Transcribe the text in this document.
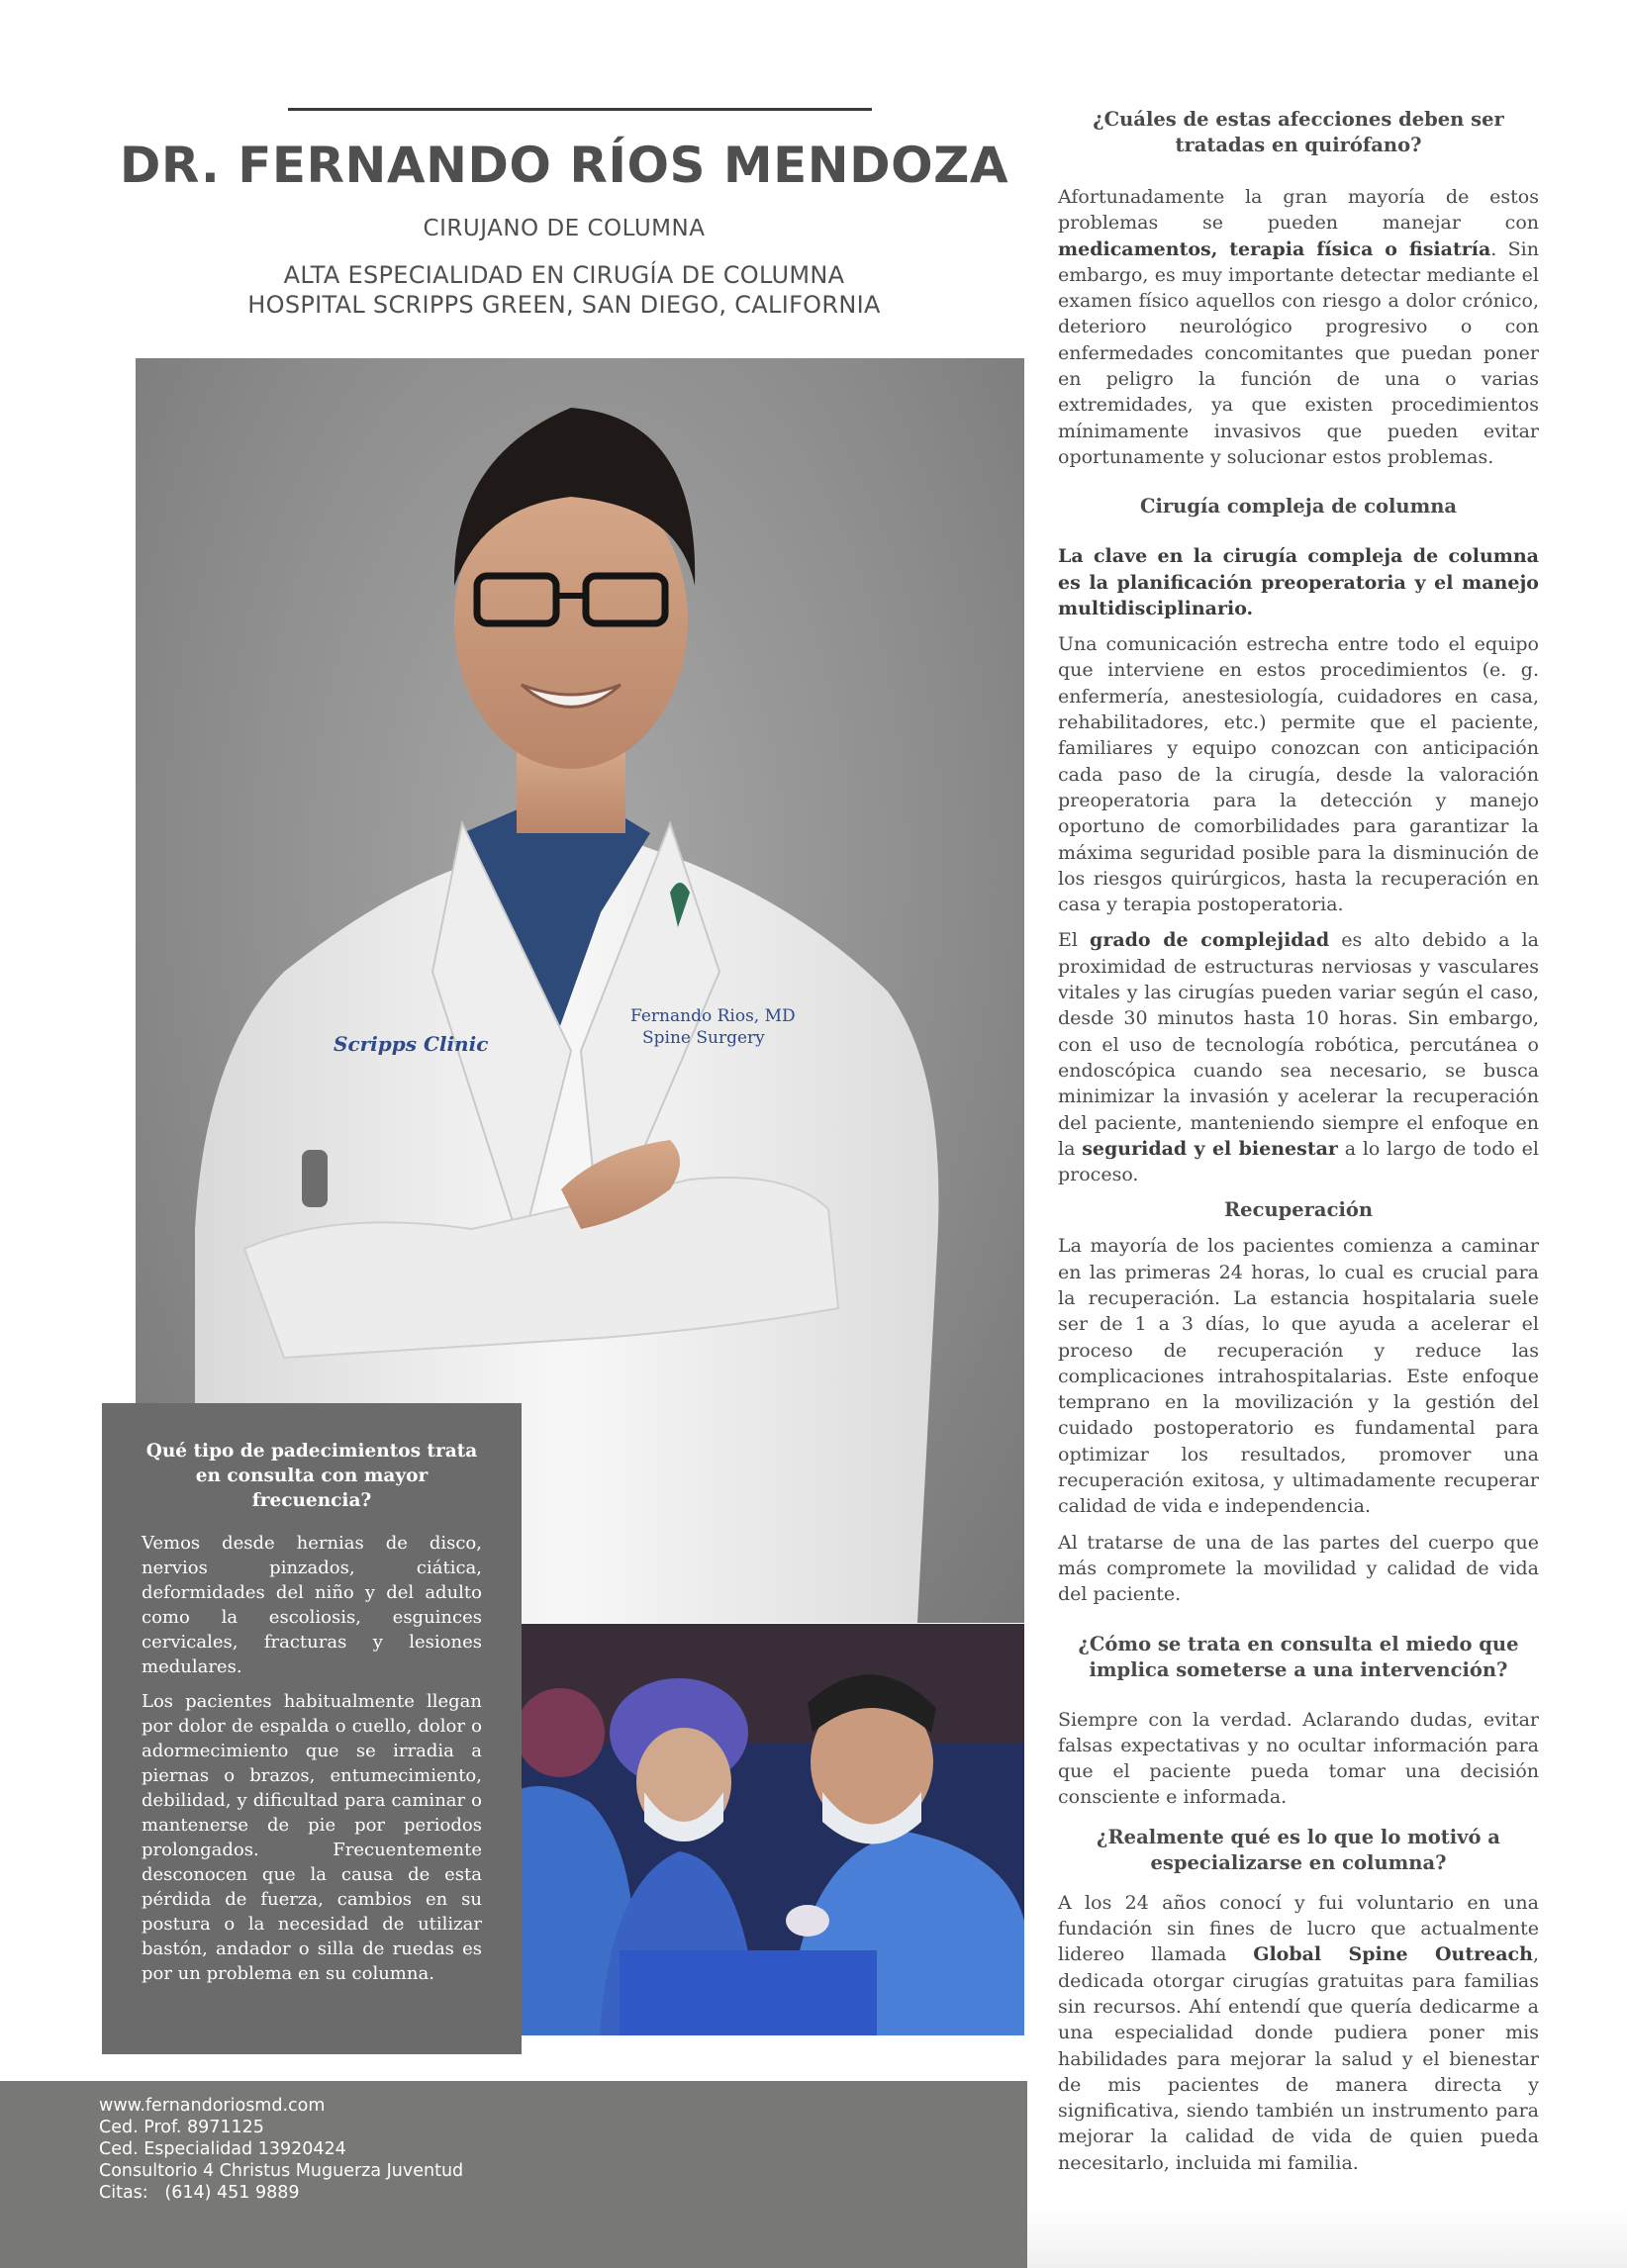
DR. FERNANDO RÍOS MENDOZA
CIRUJANO DE COLUMNA
ALTA ESPECIALIDAD EN CIRUGÍA DE COLUMNA
HOSPITAL SCRIPPS GREEN, SAN DIEGO, CALIFORNIA
Scripps Clinic
Fernando Rios, MD
Spine Surgery
Qué tipo de padecimientos trata en consulta con mayor frecuencia?

Vemos desde hernias de disco, nervios pinzados, ciática, deformidades del niño y del adulto como la escoliosis, esguinces cervicales, fracturas y lesiones medulares.

Los pacientes habitualmente llegan por dolor de espalda o cuello, dolor o adormecimiento que se irradia a piernas o brazos, entumecimiento, debilidad, y dificultad para caminar o mantenerse de pie por periodos prolongados. Frecuentemente desconocen que la causa de esta pérdida de fuerza, cambios en su postura o la necesidad de utilizar bastón, andador o silla de ruedas es por un problema en su columna.

www.fernandoriosmd.com
Ced. Prof. 8971125
Ced. Especialidad 13920424
Consultorio 4 Christus Muguerza Juventud
Citas:   (614) 451 9889
¿Cuáles de estas afecciones deben ser tratadas en quirófano?

Afortunadamente la gran mayoría de estos problemas se pueden manejar con medicamentos, terapia física o fisiatría. Sin embargo, es muy importante detectar mediante el examen físico aquellos con riesgo a dolor crónico, deterioro neurológico progresivo o con enfermedades concomitantes que puedan poner en peligro la función de una o varias extremidades, ya que existen procedimientos mínimamente invasivos que pueden evitar oportunamente y solucionar estos problemas.

Cirugía compleja de columna

La clave en la cirugía compleja de columna es la planificación preoperatoria y el manejo multidisciplinario.

Una comunicación estrecha entre todo el equipo que interviene en estos procedimientos (e. g. enfermería, anestesiología, cuidadores en casa, rehabilitadores, etc.) permite que el paciente, familiares y equipo conozcan con anticipación cada paso de la cirugía, desde la valoración preoperatoria para la detección y manejo oportuno de comorbilidades para garantizar la máxima seguridad posible para la disminución de los riesgos quirúrgicos, hasta la recuperación en casa y terapia postoperatoria.

El grado de complejidad es alto debido a la proximidad de estructuras nerviosas y vasculares vitales y las cirugías pueden variar según el caso, desde 30 minutos hasta 10 horas. Sin embargo, con el uso de tecnología robótica, percutánea o endoscópica cuando sea necesario, se busca minimizar la invasión y acelerar la recuperación del paciente, manteniendo siempre el enfoque en la seguridad y el bienestar a lo largo de todo el proceso.

Recuperación

La mayoría de los pacientes comienza a caminar en las primeras 24 horas, lo cual es crucial para la recuperación. La estancia hospitalaria suele ser de 1 a 3 días, lo que ayuda a acelerar el proceso de recuperación y reduce las complicaciones intrahospitalarias. Este enfoque temprano en la movilización y la gestión del cuidado postoperatorio es fundamental para optimizar los resultados, promover una recuperación exitosa, y ultimadamente recuperar calidad de vida e independencia.

Al tratarse de una de las partes del cuerpo que más compromete la movilidad y calidad de vida del paciente.

¿Cómo se trata en consulta el miedo que implica someterse a una intervención?

Siempre con la verdad. Aclarando dudas, evitar falsas expectativas y no ocultar información para que el paciente pueda tomar una decisión consciente e informada.

¿Realmente qué es lo que lo motivó a especializarse en columna?

A los 24 años conocí y fui voluntario en una fundación sin fines de lucro que actualmente lidereo llamada Global Spine Outreach, dedicada otorgar cirugías gratuitas para familias sin recursos. Ahí entendí que quería dedicarme a una especialidad donde pudiera poner mis habilidades para mejorar la salud y el bienestar de mis pacientes de manera directa y significativa, siendo también un instrumento para mejorar la calidad de vida de quien pueda necesitarlo, incluida mi familia.
